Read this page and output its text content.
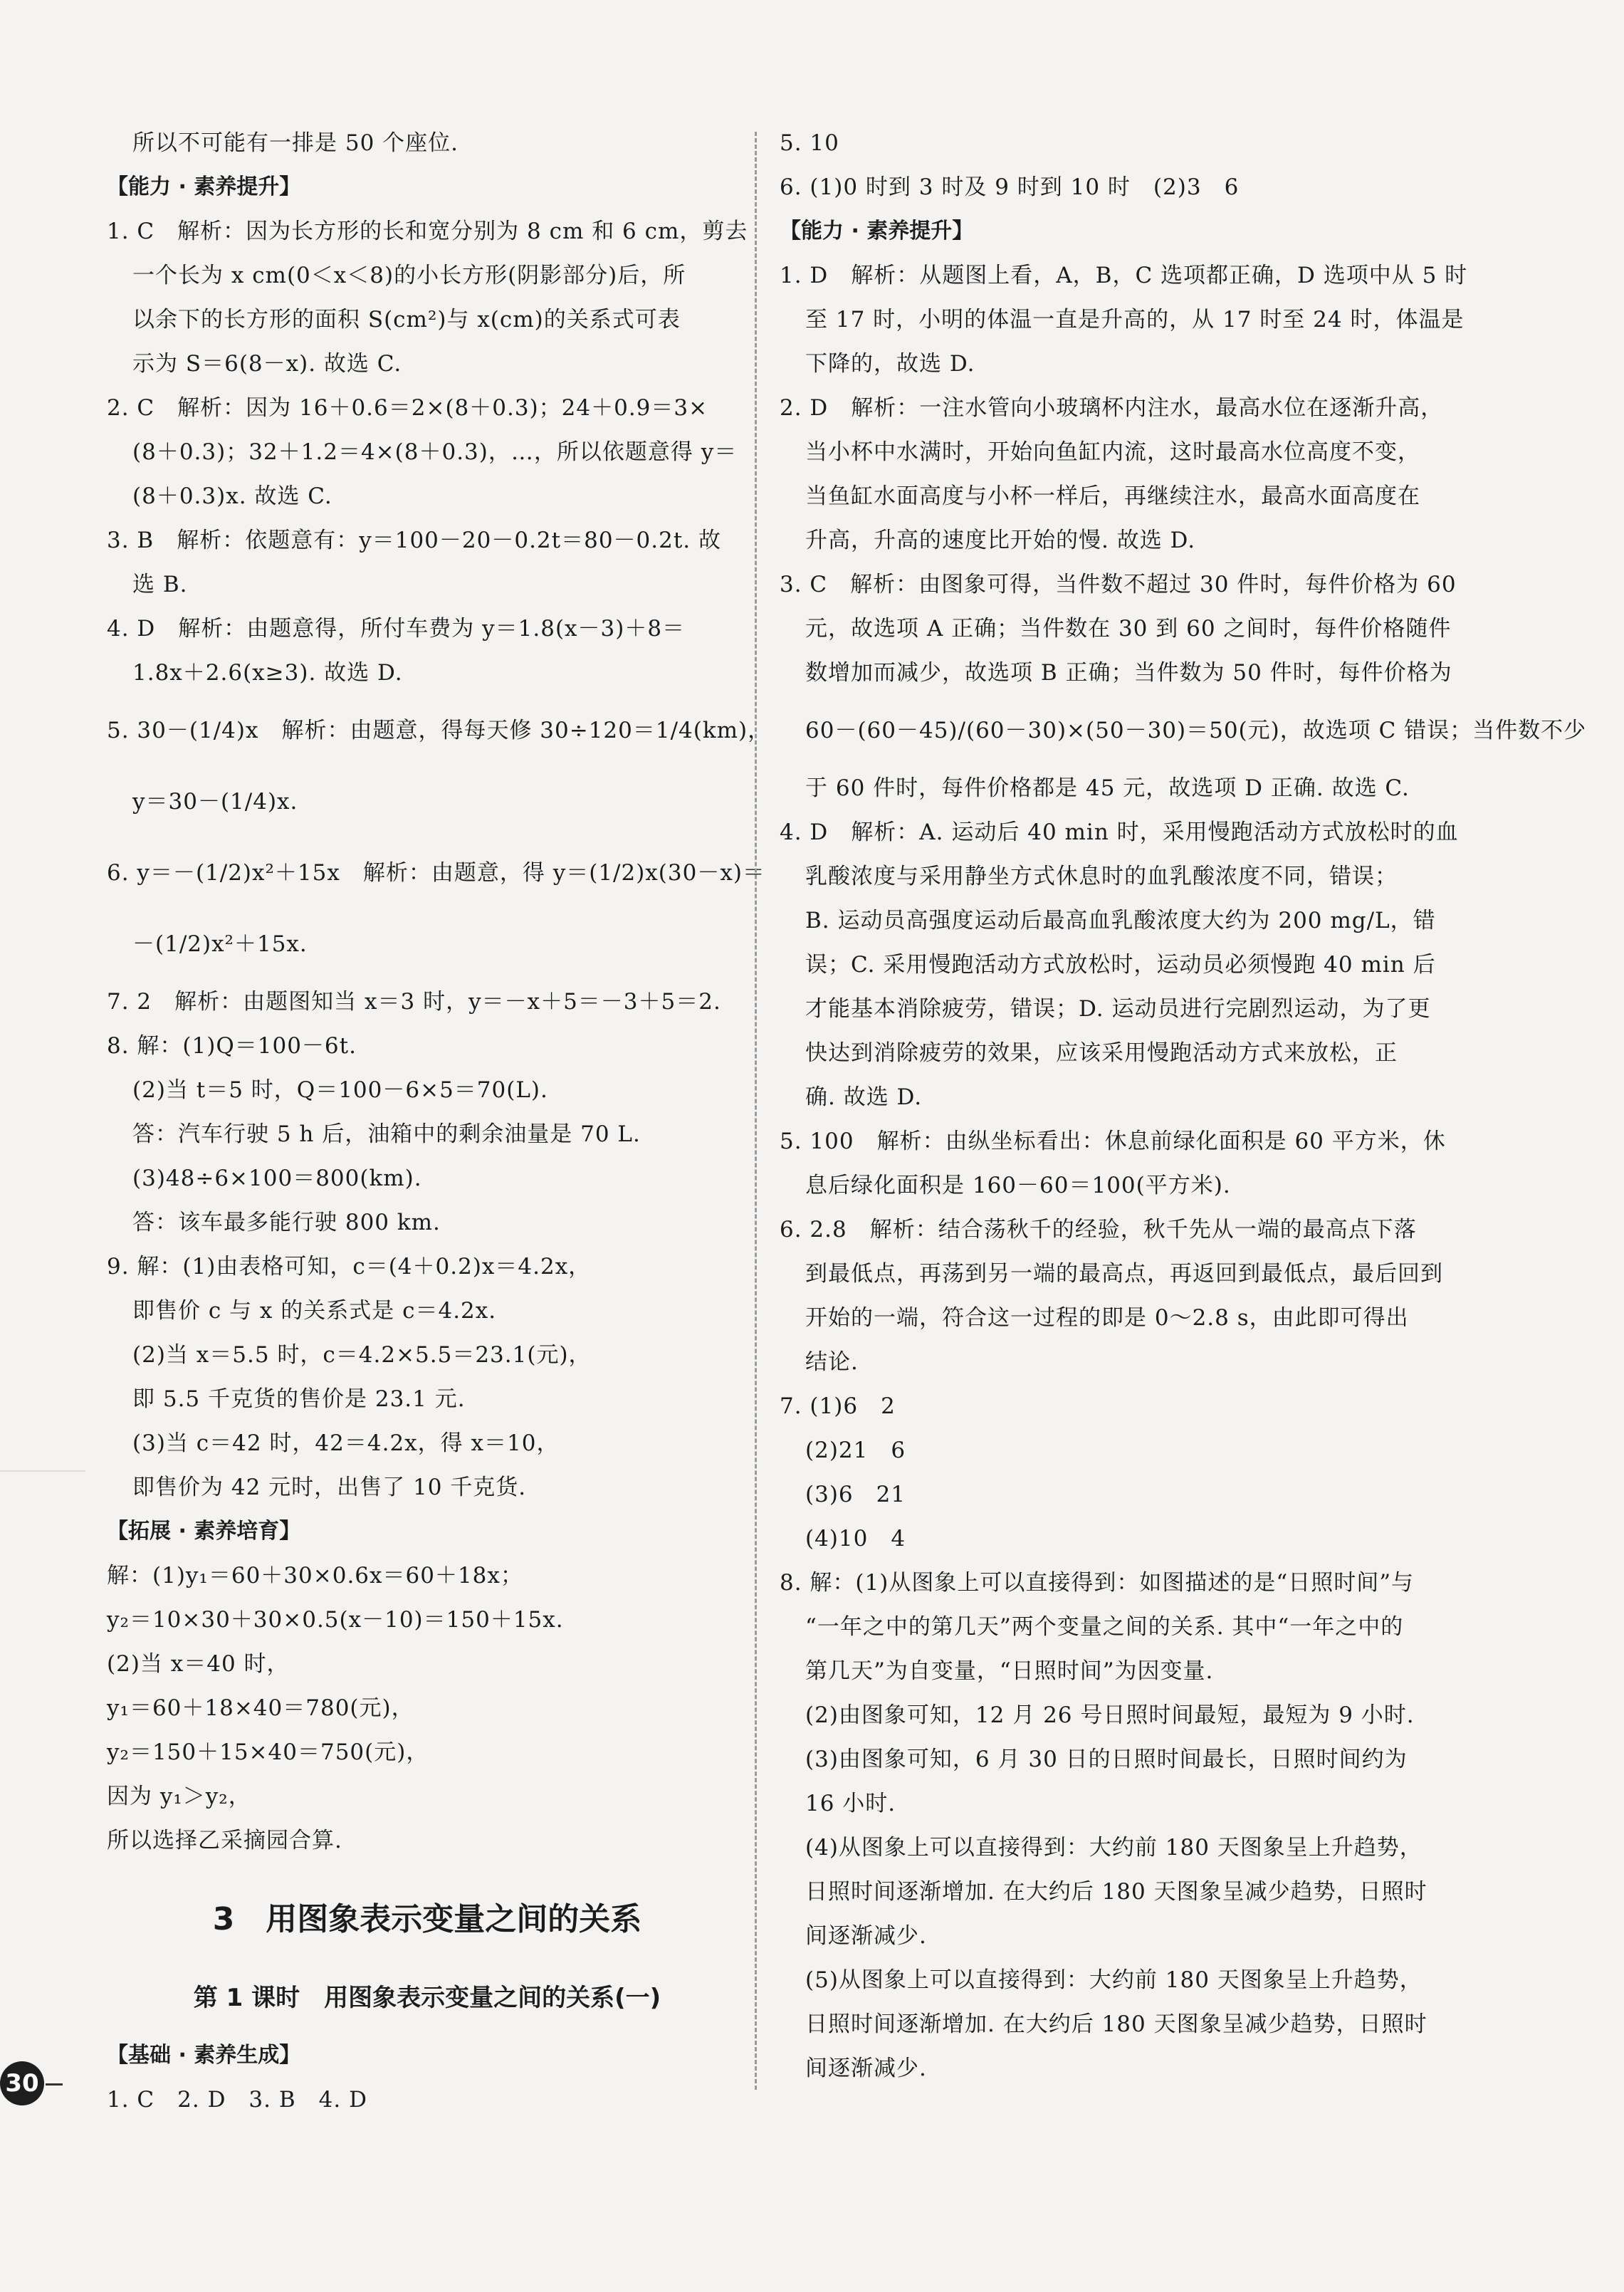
所以不可能有一排是 50 个座位.
【能力 · 素养提升】
1. C　解析：因为长方形的长和宽分别为 8 cm 和 6 cm，剪去
一个长为 x cm(0＜x＜8)的小长方形(阴影部分)后，所
以余下的长方形的面积 S(cm²)与 x(cm)的关系式可表
示为 S＝6(8－x). 故选 C.
2. C　解析：因为 16＋0.6＝2×(8＋0.3)；24＋0.9＝3×
(8＋0.3)；32＋1.2＝4×(8＋0.3)，…，所以依题意得 y＝
(8＋0.3)x. 故选 C.
3. B　解析：依题意有：y＝100－20－0.2t＝80－0.2t. 故
选 B.
4. D　解析：由题意得，所付车费为 y＝1.8(x－3)＋8＝
1.8x＋2.6(x≥3). 故选 D.
5. 30－(1/4)x　解析：由题意，得每天修 30÷120＝1/4(km)，
y＝30－(1/4)x.
6. y＝－(1/2)x²＋15x　解析：由题意，得 y＝(1/2)x(30－x)＝
－(1/2)x²＋15x.
7. 2　解析：由题图知当 x＝3 时，y＝－x＋5＝－3＋5＝2.
8. 解：(1)Q＝100－6t.
(2)当 t＝5 时，Q＝100－6×5＝70(L).
答：汽车行驶 5 h 后，油箱中的剩余油量是 70 L.
(3)48÷6×100＝800(km).
答：该车最多能行驶 800 km.
9. 解：(1)由表格可知，c＝(4＋0.2)x＝4.2x，
即售价 c 与 x 的关系式是 c＝4.2x.
(2)当 x＝5.5 时，c＝4.2×5.5＝23.1(元)，
即 5.5 千克货的售价是 23.1 元.
(3)当 c＝42 时，42＝4.2x，得 x＝10，
即售价为 42 元时，出售了 10 千克货.
【拓展 · 素养培育】
解：(1)y₁＝60＋30×0.6x＝60＋18x；
y₂＝10×30＋30×0.5(x－10)＝150＋15x.
(2)当 x＝40 时，
y₁＝60＋18×40＝780(元)，
y₂＝150＋15×40＝750(元)，
因为 y₁＞y₂，
所以选择乙采摘园合算.
3　用图象表示变量之间的关系
第 1 课时　用图象表示变量之间的关系(一)
【基础 · 素养生成】
1. C　2. D　3. B　4. D
5. 10
6. (1)0 时到 3 时及 9 时到 10 时　(2)3　6
【能力 · 素养提升】
1. D　解析：从题图上看，A，B，C 选项都正确，D 选项中从 5 时
至 17 时，小明的体温一直是升高的，从 17 时至 24 时，体温是
下降的，故选 D.
2. D　解析：一注水管向小玻璃杯内注水，最高水位在逐渐升高，
当小杯中水满时，开始向鱼缸内流，这时最高水位高度不变，
当鱼缸水面高度与小杯一样后，再继续注水，最高水面高度在
升高，升高的速度比开始的慢. 故选 D.
3. C　解析：由图象可得，当件数不超过 30 件时，每件价格为 60
元，故选项 A 正确；当件数在 30 到 60 之间时，每件价格随件
数增加而减少，故选项 B 正确；当件数为 50 件时，每件价格为
60－(60－45)/(60－30)×(50－30)＝50(元)，故选项 C 错误；当件数不少
于 60 件时，每件价格都是 45 元，故选项 D 正确. 故选 C.
4. D　解析：A. 运动后 40 min 时，采用慢跑活动方式放松时的血
乳酸浓度与采用静坐方式休息时的血乳酸浓度不同，错误；
B. 运动员高强度运动后最高血乳酸浓度大约为 200 mg/L，错
误；C. 采用慢跑活动方式放松时，运动员必须慢跑 40 min 后
才能基本消除疲劳，错误；D. 运动员进行完剧烈运动，为了更
快达到消除疲劳的效果，应该采用慢跑活动方式来放松，正
确. 故选 D.
5. 100　解析：由纵坐标看出：休息前绿化面积是 60 平方米，休
息后绿化面积是 160－60＝100(平方米).
6. 2.8　解析：结合荡秋千的经验，秋千先从一端的最高点下落
到最低点，再荡到另一端的最高点，再返回到最低点，最后回到
开始的一端，符合这一过程的即是 0～2.8 s，由此即可得出
结论.
7. (1)6　2
(2)21　6
(3)6　21
(4)10　4
8. 解：(1)从图象上可以直接得到：如图描述的是“日照时间”与
“一年之中的第几天”两个变量之间的关系. 其中“一年之中的
第几天”为自变量，“日照时间”为因变量.
(2)由图象可知，12 月 26 号日照时间最短，最短为 9 小时.
(3)由图象可知，6 月 30 日的日照时间最长，日照时间约为
16 小时.
(4)从图象上可以直接得到：大约前 180 天图象呈上升趋势，
日照时间逐渐增加. 在大约后 180 天图象呈减少趋势，日照时
间逐渐减少.
(5)从图象上可以直接得到：大约前 180 天图象呈上升趋势，
日照时间逐渐增加. 在大约后 180 天图象呈减少趋势，日照时
间逐渐减少.
30
